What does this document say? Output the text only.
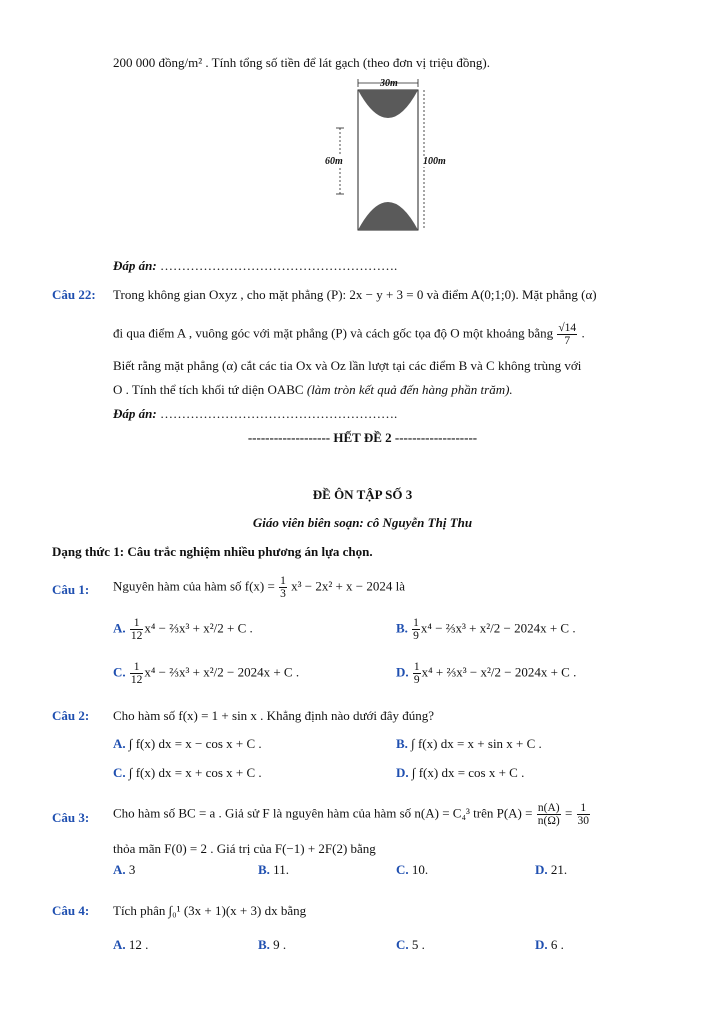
200 000 đồng/m² . Tính tổng số tiền để lát gạch (theo đơn vị triệu đồng).
30m
60m	100m
Đáp án: ……………………………………………….
Câu 22: Trong không gian Oxyz , cho mặt phẳng (P): 2x − y + 3 = 0 và điểm A(0;1;0). Mặt phẳng (α)
đi qua điểm A , vuông góc với mặt phẳng (P) và cách gốc tọa độ O một khoảng bằng $\frac{√14}{7}$ .
Biết rằng mặt phẳng (α) cắt các tia Ox và Oz lần lượt tại các điểm B và C không trùng với
O . Tính thể tích khối tứ diện OABC (làm tròn kết quả đến hàng phần trăm).
Đáp án: ……………………………………………….
------------------- HẾT ĐỀ 2 -------------------
ĐỀ ÔN TẬP SỐ 3
Giáo viên biên soạn: cô Nguyễn Thị Thu
Dạng thức 1: Câu trắc nghiệm nhiều phương án lựa chọn.
Câu 1: Nguyên hàm của hàm số $f(x) = \frac{1}{3} x^3 - 2x^2 + x - 2024$ là
A. $\frac{1}{12} x^4$ − ⅔x³ + x²/2 + C .	B. $\frac{1}{9} x^4$ − ⅔x³ + x²/2 − 2024x + C .
C. $\frac{1}{12} x^4$ − ⅔x³ + x²/2 − 2024x + C .	D. $\frac{1}{9} x^4$ + ⅔x³ − x²/2 − 2024x + C .
Câu 2: Cho hàm số f(x) = 1 + sin x . Khẳng định nào dưới đây đúng?
A. ∫ f(x) dx = x − cos x + C .	B. ∫ f(x) dx = x + sin x + C .
C. ∫ f(x) dx = x + cos x + C .	D. ∫ f(x) dx = cos x + C .
Câu 3: Cho hàm số BC = a . Giả sử F là nguyên hàm của hàm số n(A) = C₄³ trên $P(A) = \frac{n(A)}{n(\Omega)} = \frac{1}{30}$
thỏa mãn F(0) = 2 . Giá trị của F(−1) + 2F(2) bằng
A. 3	B. 11.	C. 10.	D. 21.
Câu 4: Tích phân ∫₀¹ (3x + 1)(x + 3) dx bằng
A. 12 .	B. 9 .	C. 5 .	D. 6 .
